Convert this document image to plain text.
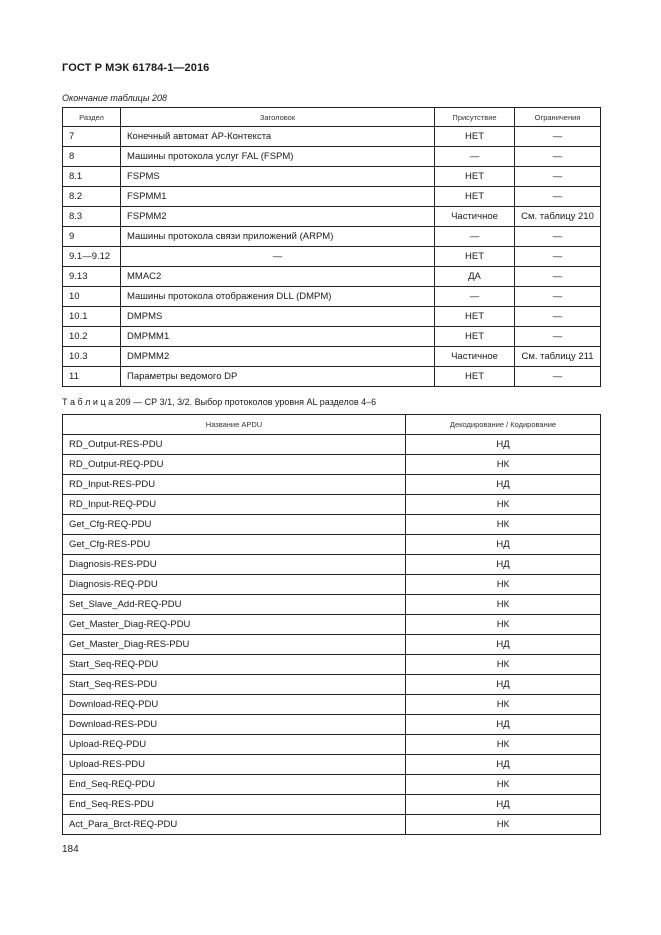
ГОСТ Р МЭК 61784-1—2016
Окончание таблицы 208
Раздел	Заголовок	Присутствие	Ограничения
7	Конечный автомат AP-Контекста	НЕТ	—
8	Машины протокола услуг FAL (FSPM)	—	—
8.1	FSPMS	НЕТ	—
8.2	FSPMM1	НЕТ	—
8.3	FSPMM2	Частичное	См. таблицу 210
9	Машины протокола связи приложений (ARPM)	—	—
9.1—9.12	—	НЕТ	—
9.13	MMAC2	ДА	—
10	Машины протокола отображения DLL (DMPM)	—	—
10.1	DMPMS	НЕТ	—
10.2	DMPMM1	НЕТ	—
10.3	DMPMM2	Частичное	См. таблицу 211
11	Параметры ведомого DP	НЕТ	—
Т а б л и ц а 209 — СР 3/1, 3/2. Выбор протоколов уровня AL разделов 4–6
Название APDU	Декодирование / Кодирование
RD_Output-RES-PDU	НД
RD_Output-REQ-PDU	НК
RD_Input-RES-PDU	НД
RD_Input-REQ-PDU	НК
Get_Cfg-REQ-PDU	НК
Get_Cfg-RES-PDU	НД
Diagnosis-RES-PDU	НД
Diagnosis-REQ-PDU	НК
Set_Slave_Add-REQ-PDU	НК
Get_Master_Diag-REQ-PDU	НК
Get_Master_Diag-RES-PDU	НД
Start_Seq-REQ-PDU	НК
Start_Seq-RES-PDU	НД
Download-REQ-PDU	НК
Download-RES-PDU	НД
Upload-REQ-PDU	НК
Upload-RES-PDU	НД
End_Seq-REQ-PDU	НК
End_Seq-RES-PDU	НД
Act_Para_Brct-REQ-PDU	НК
184
